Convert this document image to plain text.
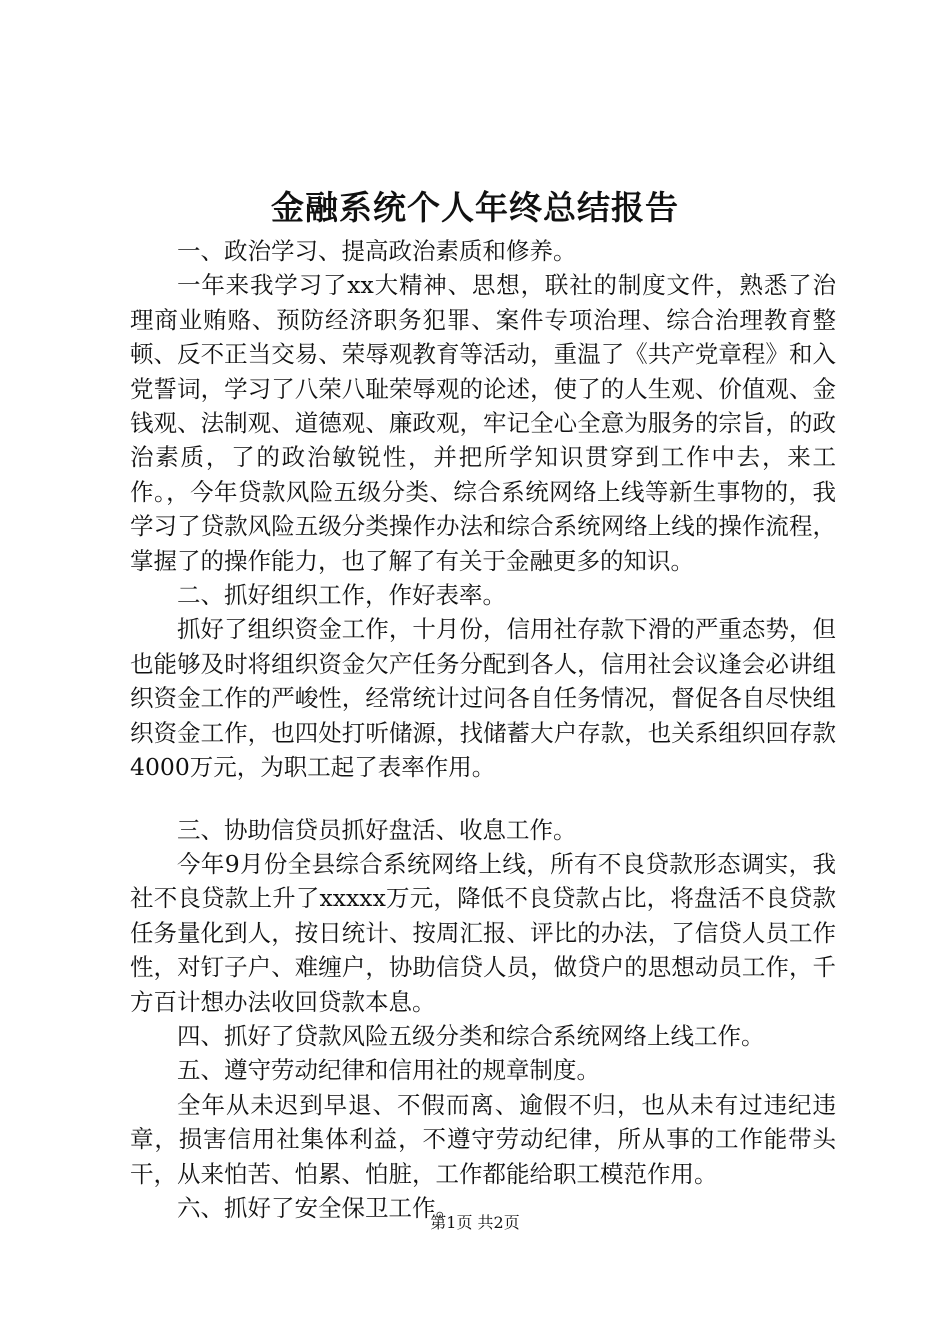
金融系统个人年终总结报告

一、政治学习、提高政治素质和修养。

一年来我学习了xx大精神、思想，联社的制度文件，熟悉了治理商业贿赂、预防经济职务犯罪、案件专项治理、综合治理教育整顿、反不正当交易、荣辱观教育等活动，重温了《共产党章程》和入党誓词，学习了八荣八耻荣辱观的论述，使了的人生观、价值观、金钱观、法制观、道德观、廉政观，牢记全心全意为服务的宗旨，的政治素质，了的政治敏锐性，并把所学知识贯穿到工作中去，来工作。，今年贷款风险五级分类、综合系统网络上线等新生事物的，我学习了贷款风险五级分类操作办法和综合系统网络上线的操作流程，掌握了的操作能力，也了解了有关于金融更多的知识。

二、抓好组织工作，作好表率。

抓好了组织资金工作，十月份，信用社存款下滑的严重态势，但也能够及时将组织资金欠产任务分配到各人，信用社会议逢会必讲组织资金工作的严峻性，经常统计过问各自任务情况，督促各自尽快组织资金工作，也四处打听储源，找储蓄大户存款，也关系组织回存款4000万元，为职工起了表率作用。

三、协助信贷员抓好盘活、收息工作。

今年9月份全县综合系统网络上线，所有不良贷款形态调实，我社不良贷款上升了xxxxx万元，降低不良贷款占比，将盘活不良贷款任务量化到人，按日统计、按周汇报、评比的办法，了信贷人员工作性，对钉子户、难缠户，协助信贷人员，做贷户的思想动员工作，千方百计想办法收回贷款本息。

四、抓好了贷款风险五级分类和综合系统网络上线工作。

五、遵守劳动纪律和信用社的规章制度。

全年从未迟到早退、不假而离、逾假不归，也从未有过违纪违章，损害信用社集体利益，不遵守劳动纪律，所从事的工作能带头干，从来怕苦、怕累、怕脏，工作都能给职工模范作用。

六、抓好了安全保卫工作。

第1页 共2页
